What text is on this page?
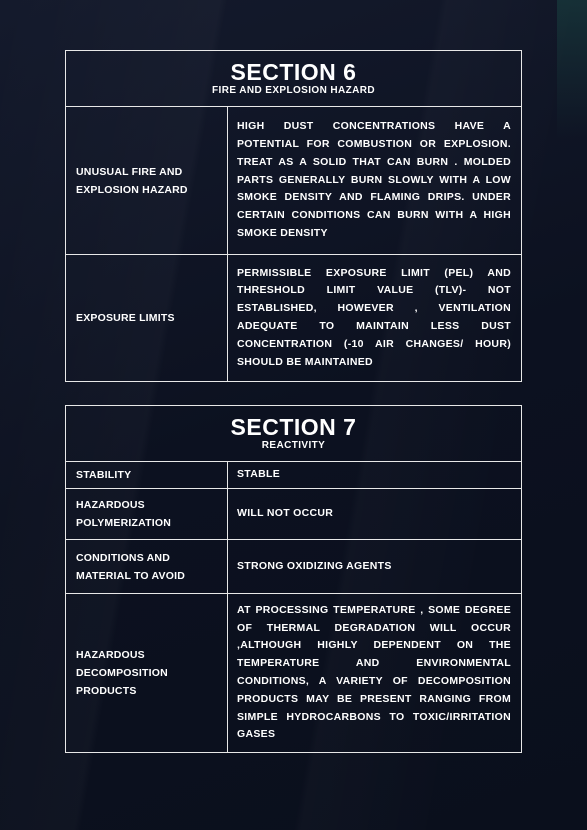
SECTION 6
FIRE AND EXPLOSION HAZARD
UNUSUAL FIRE AND EXPLOSION HAZARD
HIGH DUST CONCENTRATIONS HAVE A POTENTIAL FOR COMBUSTION OR EXPLOSION. TREAT AS A SOLID THAT CAN BURN . MOLDED PARTS GENERALLY BURN SLOWLY WITH A LOW SMOKE DENSITY AND FLAMING DRIPS. UNDER CERTAIN CONDITIONS CAN BURN WITH A HIGH SMOKE DENSITY
EXPOSURE LIMITS
PERMISSIBLE EXPOSURE LIMIT (PEL) AND THRESHOLD LIMIT VALUE (TLV)- NOT ESTABLISHED, HOWEVER , VENTILATION ADEQUATE TO MAINTAIN LESS DUST CONCENTRATION (-10 AIR CHANGES/ HOUR) SHOULD BE MAINTAINED
SECTION 7
REACTIVITY
STABILITY	STABLE
HAZARDOUS POLYMERIZATION
WILL NOT OCCUR
CONDITIONS AND MATERIAL TO AVOID
STRONG OXIDIZING AGENTS
HAZARDOUS DECOMPOSITION PRODUCTS
AT PROCESSING TEMPERATURE , SOME DEGREE OF THERMAL DEGRADATION WILL OCCUR ,ALTHOUGH HIGHLY DEPENDENT ON THE TEMPERATURE AND ENVIRONMENTAL CONDITIONS, A VARIETY OF DECOMPOSITION PRODUCTS MAY BE PRESENT RANGING FROM SIMPLE HYDROCARBONS TO TOXIC/IRRITATION GASES
